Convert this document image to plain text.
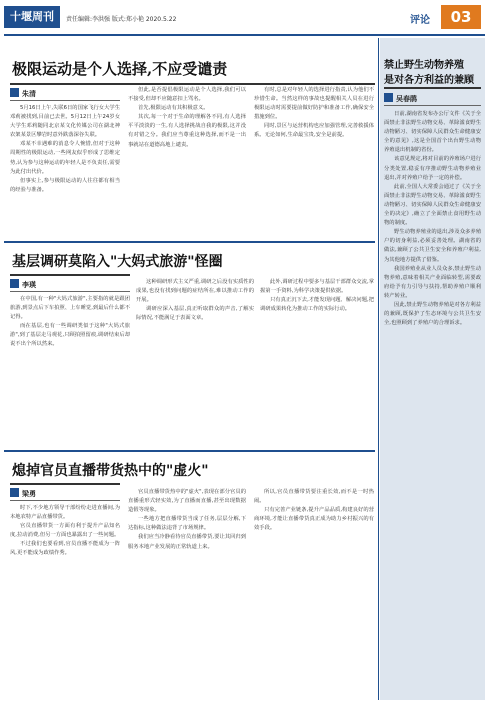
十堰周刊	责任编辑:李洪强 版式:郑小艳 2020.5.22	评论	03
极限运动是个人选择,不应受谴责
朱清

5月16日上午,失联6日的国家飞行女大学生邓莉被找到,目前已去世。5月12日上午24岁女大学生邓莉随同北京某文化传媒公司在湖北神农架某景区攀岩时意外跌落深谷失联。

邓某不幸遇难的消息令人惋惜,但对于这种周期性的极限运动,一些网友似乎形成了思维定势,认为参与这种运动的年轻人是不负责任,需要为此付出代价。

但事实上,参与极限运动的人往往都有相当的经验与准备。

但此,是否提倡极限运动是个人选择,我们可以不接受,但却不应随意扣上骂名。

首先,极限运动有其积极意义。

其次,每一个对于生命的理解各不同,有人选择平平淡淡的一生,有人选择挑战自我的极限,这并没有对错之分。我们应当尊重这种选择,而不是一出事就站在道德高地上谴责。

有时,总是对年轻人的选择进行指责,认为他们不珍惜生命。当然这样的事故也提醒相关人员在进行极限运动时需要提前做好防护和准备工作,确保安全措施到位。

同时,景区与运营机构也应加强管理,完善救援体系。无论如何,生命最宝贵,安全是前提。

基层调研莫陷入"大妈式旅游"怪圈
李瑛

在中国,有一种"大妈式旅游",主要指的就是跟团旅游,到景点后下车拍照、上车睡觉,到最后什么都不记得。

而在基层,也有一些调研类似于这种"大妈式旅游",到了基层走马观花,只顾拍照留痕,调研结束后却说不出个所以然来。

这种调研形式主义严重,调研之后没有实质性的成果,也没有找到问题的症结所在,难以推动工作的开展。

调研应深入基层,真正听取群众的声音,了解实际情况,不能满足于表面文章。

此外,调研过程中要多与基层干部群众交流,掌握第一手资料,为科学决策提供依据。

只有真正沉下去,才能发现问题、解决问题,把调研成果转化为推动工作的实际行动。

熄掉官员直播带货热中的"虚火"
梁勇

时下,不少地方领导干部纷纷走进直播间,为本地农特产品直播带货。

官员直播带货一方面有利于提升产品知名度,拉动消费,但另一方面也暴露出了一些问题。

不过我们也要看到,官员直播不能成为一阵风,更不能成为政绩作秀。

官员直播带货热中的"虚火",表现在部分官员的直播重形式轻实效,为了直播而直播,甚至出现数据造假等现象。

一些地方把直播带货当成了任务,层层分解,下达指标,这种做法违背了市场规律。

我们应当冷静看待官员直播带货,要让其回归到服务本地产业发展的正常轨道上来。

所以,官员直播带货要注重长效,而不是一时热闹。

只有完善产业链条,提升产品品质,构建良好的营商环境,才能让直播带货真正成为助力乡村振兴的有效手段。

禁止野生动物养殖
是对各方利益的兼顾
吴春鹃

日前,湖南省发布办公厅文件《关于全面禁止非法野生动物交易、革除滥食野生动物陋习、切实保障人民群众生命健康安全的意见》,这是全国首个出台野生动物养殖退出机制的省份。

该意见规定,将对目前的养殖场户进行分类处置,稳妥有序推动野生动物养殖业退出,并对养殖户给予一定的补偿。

此前,全国人大常委会通过了《关于全面禁止非法野生动物交易、革除滥食野生动物陋习、切实保障人民群众生命健康安全的决定》,确立了全面禁止食用野生动物的制度。

野生动物养殖业的退出,涉及众多养殖户的切身利益,必须妥善处理。湖南省的做法,兼顾了公共卫生安全和养殖户利益,为其他地方提供了借鉴。

我国养殖业从业人员众多,禁止野生动物养殖,意味着相关产业面临转型,需要政府给予有力引导与扶持,帮助养殖户顺利转产转业。

因此,禁止野生动物养殖是对各方利益的兼顾,既保护了生态环境与公共卫生安全,也照顾到了养殖户的合理诉求。
